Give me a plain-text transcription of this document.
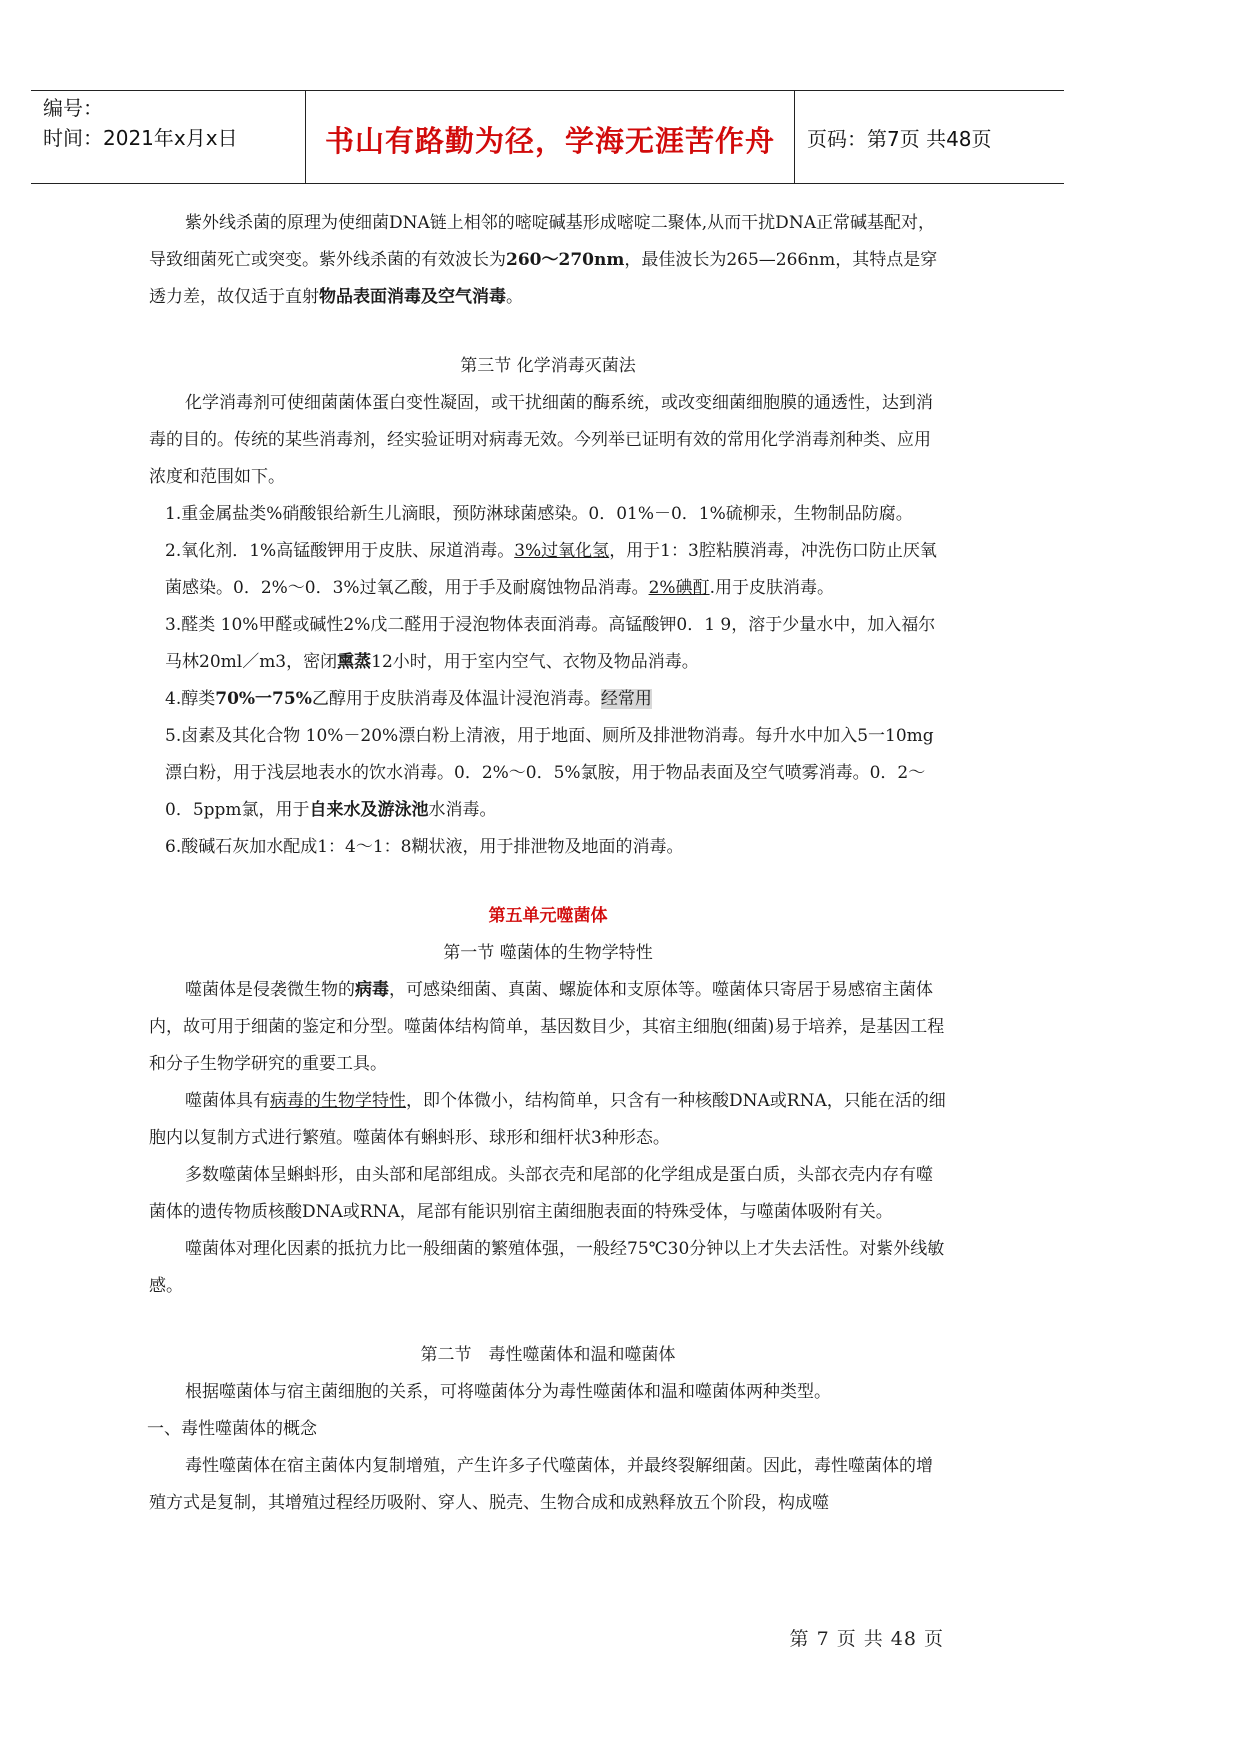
编号：
时间：2021年x月x日	书山有路勤为径，学海无涯苦作舟 页码：第7页 共48页

紫外线杀菌的原理为使细菌DNA链上相邻的嘧啶碱基形成嘧啶二聚体,从而干扰DNA正常碱基配对，导致细菌死亡或突变。紫外线杀菌的有效波长为260～270nm，最佳波长为265—266nm，其特点是穿透力差，故仅适于直射物品表面消毒及空气消毒。

第三节 化学消毒灭菌法

化学消毒剂可使细菌菌体蛋白变性凝固，或干扰细菌的酶系统，或改变细菌细胞膜的通透性，达到消毒的目的。传统的某些消毒剂，经实验证明对病毒无效。今列举已证明有效的常用化学消毒剂种类、应用浓度和范围如下。

1.重金属盐类%硝酸银给新生儿滴眼，预防淋球菌感染。0．01%－0．1%硫柳汞，生物制品防腐。

2.氧化剂．1%高锰酸钾用于皮肤、尿道消毒。3%过氧化氢，用于1：3腔粘膜消毒，冲洗伤口防止厌氧菌感染。0．2%～0．3%过氧乙酸，用于手及耐腐蚀物品消毒。2%碘酊.用于皮肤消毒。

3.醛类 10%甲醛或碱性2%戊二醛用于浸泡物体表面消毒。高锰酸钾0．1 9，溶于少量水中，加入福尔马林20ml／m3，密闭熏蒸12小时，用于室内空气、衣物及物品消毒。

4.醇类70%一75%乙醇用于皮肤消毒及体温计浸泡消毒。经常用

5.卤素及其化合物 10%－20%漂白粉上清液，用于地面、厕所及排泄物消毒。每升水中加入5一10mg漂白粉，用于浅层地表水的饮水消毒。0．2%～0．5%氯胺，用于物品表面及空气喷雾消毒。0．2～0．5ppm氯，用于自来水及游泳池水消毒。

6.酸碱石灰加水配成1：4～1：8糊状液，用于排泄物及地面的消毒。

第五单元噬菌体

第一节 噬菌体的生物学特性

噬菌体是侵袭微生物的病毒，可感染细菌、真菌、螺旋体和支原体等。噬菌体只寄居于易感宿主菌体内，故可用于细菌的鉴定和分型。噬菌体结构简单，基因数目少，其宿主细胞(细菌)易于培养，是基因工程和分子生物学研究的重要工具。

噬菌体具有病毒的生物学特性，即个体微小，结构简单，只含有一种核酸DNA或RNA，只能在活的细胞内以复制方式进行繁殖。噬菌体有蝌蚪形、球形和细杆状3种形态。

多数噬菌体呈蝌蚪形，由头部和尾部组成。头部衣壳和尾部的化学组成是蛋白质，头部衣壳内存有噬菌体的遗传物质核酸DNA或RNA，尾部有能识别宿主菌细胞表面的特殊受体，与噬菌体吸附有关。

噬菌体对理化因素的抵抗力比一般细菌的繁殖体强，一般经75℃30分钟以上才失去活性。对紫外线敏感。

第二节　毒性噬菌体和温和噬菌体

根据噬菌体与宿主菌细胞的关系，可将噬菌体分为毒性噬菌体和温和噬菌体两种类型。

一、毒性噬菌体的概念

毒性噬菌体在宿主菌体内复制增殖，产生许多子代噬菌体，并最终裂解细菌。因此，毒性噬菌体的增殖方式是复制，其增殖过程经历吸附、穿人、脱壳、生物合成和成熟释放五个阶段，构成噬

第 7 页 共 48 页
